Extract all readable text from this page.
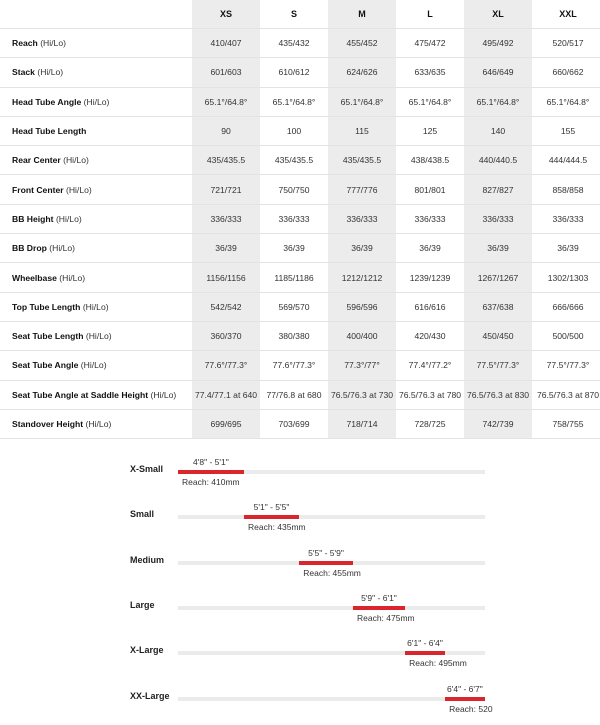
	XS	S	M	L	XL	XXL
Reach (Hi/Lo)	410/407	435/432	455/452	475/472	495/492	520/517
Stack (Hi/Lo)	601/603	610/612	624/626	633/635	646/649	660/662
Head Tube Angle (Hi/Lo)	65.1°/64.8°	65.1°/64.8°	65.1°/64.8°	65.1°/64.8°	65.1°/64.8°	65.1°/64.8°
Head Tube Length	90	100	115	125	140	155
Rear Center (Hi/Lo)	435/435.5	435/435.5	435/435.5	438/438.5	440/440.5	444/444.5
Front Center (Hi/Lo)	721/721	750/750	777/776	801/801	827/827	858/858
BB Height (Hi/Lo)	336/333	336/333	336/333	336/333	336/333	336/333
BB Drop (Hi/Lo)	36/39	36/39	36/39	36/39	36/39	36/39
Wheelbase (Hi/Lo)	1156/1156	1185/1186	1212/1212	1239/1239	1267/1267	1302/1303
Top Tube Length (Hi/Lo)	542/542	569/570	596/596	616/616	637/638	666/666
Seat Tube Length (Hi/Lo)	360/370	380/380	400/400	420/430	450/450	500/500
Seat Tube Angle (Hi/Lo)	77.6°/77.3°	77.6°/77.3°	77.3°/77°	77.4°/77.2°	77.5°/77.3°	77.5°/77.3°
Seat Tube Angle at Saddle Height (Hi/Lo)	77.4/77.1 at 640	77/76.8 at 680	76.5/76.3 at 730	76.5/76.3 at 780	76.5/76.3 at 830	76.5/76.3 at 870
Standover Height (Hi/Lo)	699/695	703/699	718/714	728/725	742/739	758/755
X-Small
4'8" - 5'1"
Reach: 410mm
Small
5'1" - 5'5"
Reach: 435mm
Medium
5'5" - 5'9"
Reach: 455mm
Large
5'9" - 6'1"
Reach: 475mm
X-Large
6'1" - 6'4"
Reach: 495mm
XX-Large
6'4" - 6'7"
Reach: 520
